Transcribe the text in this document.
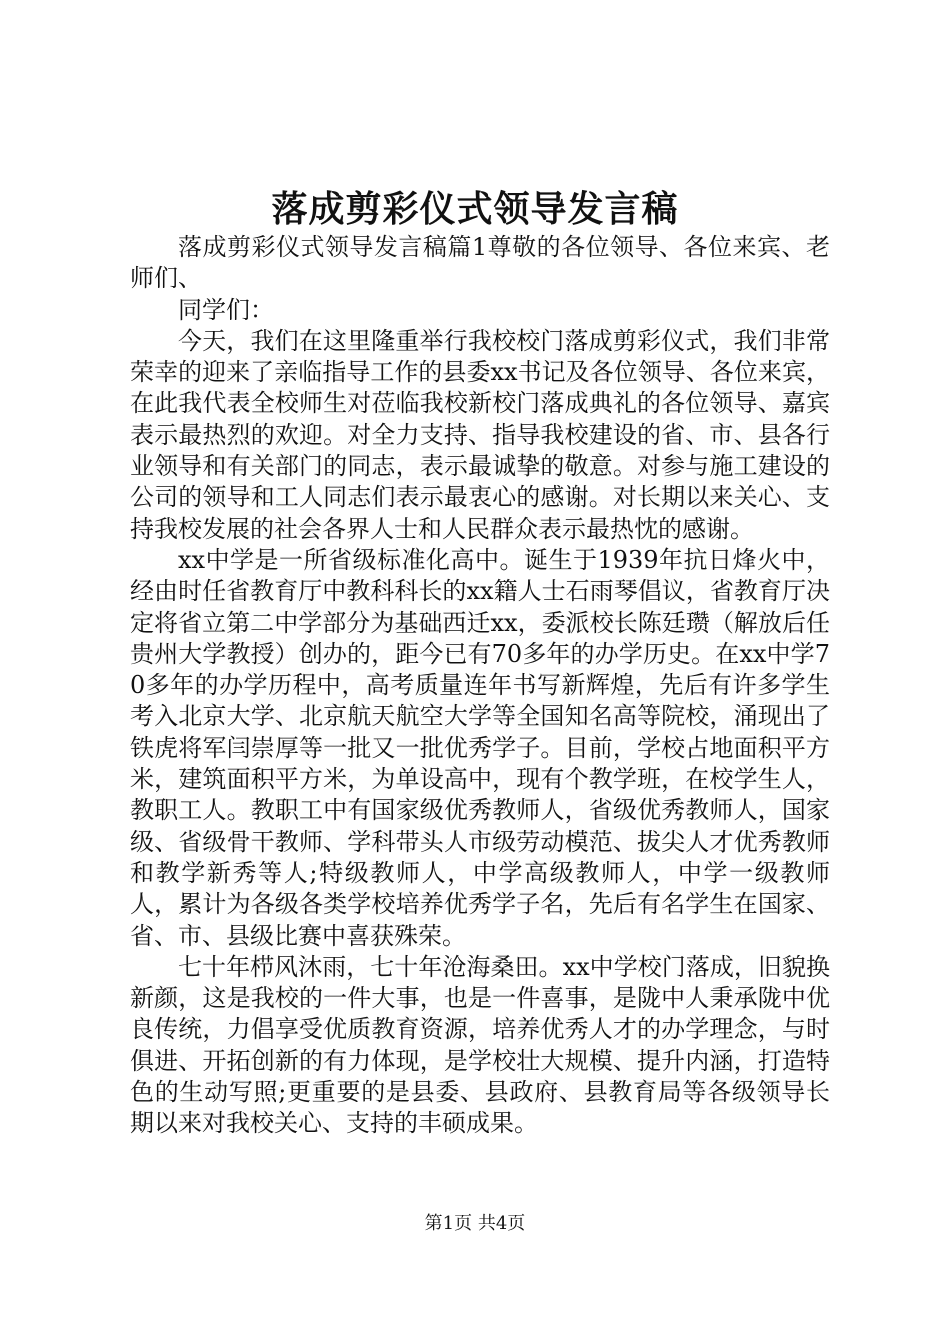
落成剪彩仪式领导发言稿

落成剪彩仪式领导发言稿篇1尊敬的各位领导、各位来宾、老师们、

同学们：

今天，我们在这里隆重举行我校校门落成剪彩仪式，我们非常荣幸的迎来了亲临指导工作的县委xx书记及各位领导、各位来宾，在此我代表全校师生对莅临我校新校门落成典礼的各位领导、嘉宾表示最热烈的欢迎。对全力支持、指导我校建设的省、市、县各行业领导和有关部门的同志，表示最诚挚的敬意。对参与施工建设的公司的领导和工人同志们表示最衷心的感谢。对长期以来关心、支持我校发展的社会各界人士和人民群众表示最热忱的感谢。

xx中学是一所省级标准化高中。诞生于1939年抗日烽火中，经由时任省教育厅中教科科长的xx籍人士石雨琴倡议，省教育厅决定将省立第二中学部分为基础西迁xx，委派校长陈廷瓒（解放后任贵州大学教授）创办的，距今已有70多年的办学历史。在xx中学70多年的办学历程中，高考质量连年书写新辉煌，先后有许多学生考入北京大学、北京航天航空大学等全国知名高等院校，涌现出了铁虎将军闫崇厚等一批又一批优秀学子。目前，学校占地面积平方米，建筑面积平方米，为单设高中，现有个教学班，在校学生人，教职工人。教职工中有国家级优秀教师人，省级优秀教师人，国家级、省级骨干教师、学科带头人市级劳动模范、拔尖人才优秀教师和教学新秀等人;特级教师人，中学高级教师人，中学一级教师人，累计为各级各类学校培养优秀学子名，先后有名学生在国家、省、市、县级比赛中喜获殊荣。

七十年栉风沐雨，七十年沧海桑田。xx中学校门落成，旧貌换新颜，这是我校的一件大事，也是一件喜事，是陇中人秉承陇中优良传统，力倡享受优质教育资源，培养优秀人才的办学理念，与时俱进、开拓创新的有力体现，是学校壮大规模、提升内涵，打造特色的生动写照;更重要的是县委、县政府、县教育局等各级领导长期以来对我校关心、支持的丰硕成果。

第1页 共4页
